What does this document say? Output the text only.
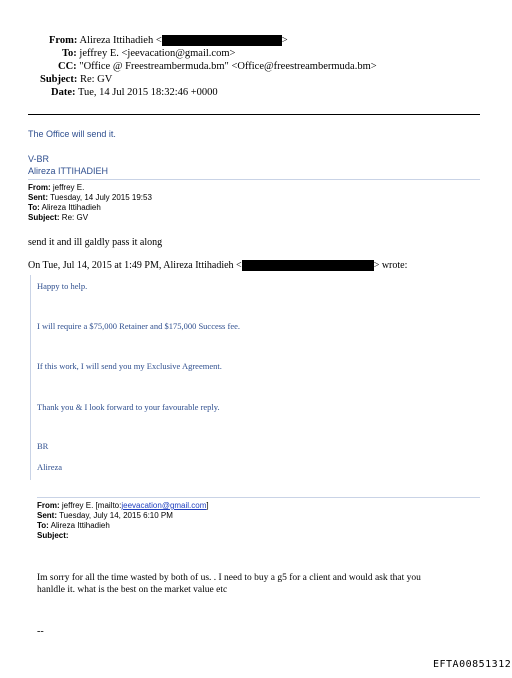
From: Alireza Ittihadieh <	>
To: jeffrey E. <jeevacation@gmail.com>
CC: "Office @ Freestreambermuda.bm" <Office@freestreambermuda.bm>
Subject: Re: GV
Date: Tue, 14 Jul 2015 18:32:46 +0000
The Office will send it.
V-BR
Alireza ITTIHADIEH
From: jeffrey E.
Sent: Tuesday, 14 July 2015 19:53
To: Alireza Ittihadieh
Subject: Re: GV
send it and ill galdly pass it along
On Tue, Jul 14, 2015 at 1:49 PM, Alireza Ittihadieh <	> wrote:
Happy to help.
I will require a $75,000 Retainer and $175,000 Success fee.
If this work, I will send you my Exclusive Agreement.
Thank you & I look forward to your favourable reply.
BR
Alireza
From: jeffrey E. [mailto:jeevacation@gmail.com]
Sent: Tuesday, July 14, 2015 6:10 PM
To: Alireza Ittihadieh
Subject:
Im sorry for all the time wasted by both of us. . I need to buy a g5 for a client and would ask that you
hanldle it. what is the best on the market value etc
--
EFTA00851312
